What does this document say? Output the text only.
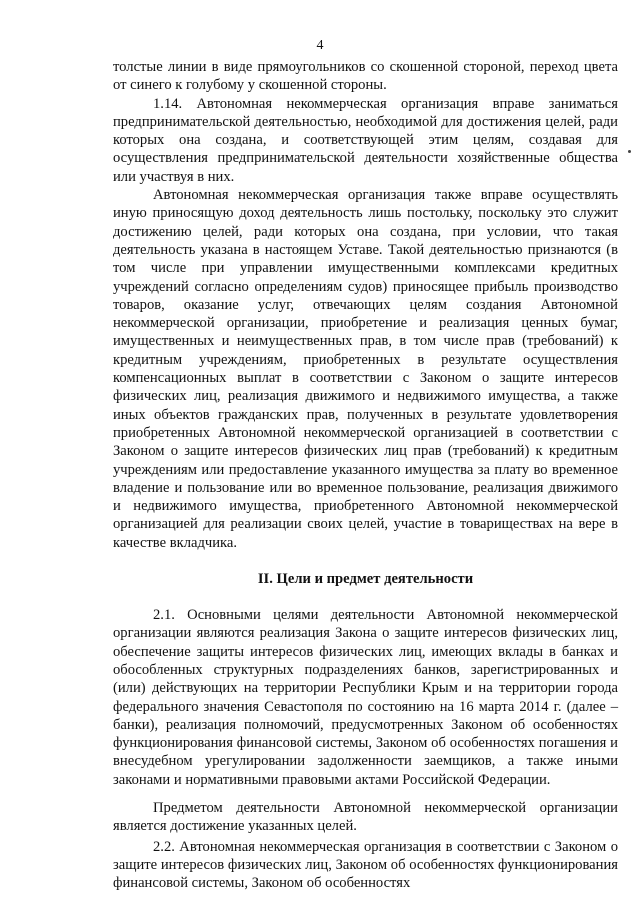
4

толстые линии в виде прямоугольников со скошенной стороной, переход цвета от синего к голубому у скошенной стороны.

1.14. Автономная некоммерческая организация вправе заниматься предпринимательской деятельностью, необходимой для достижения целей, ради которых она создана, и соответствующей этим целям, создавая для осуществления предпринимательской деятельности хозяйственные общества или участвуя в них.

Автономная некоммерческая организация также вправе осуществлять иную приносящую доход деятельность лишь постольку, поскольку это служит достижению целей, ради которых она создана, при условии, что такая деятельность указана в настоящем Уставе. Такой деятельностью признаются (в том числе при управлении имущественными комплексами кредитных учреждений согласно определениям судов) приносящее прибыль производство товаров, оказание услуг, отвечающих целям создания Автономной некоммерческой организации, приобретение и реализация ценных бумаг, имущественных и неимущественных прав, в том числе прав (требований) к кредитным учреждениям, приобретенных в результате осуществления компенсационных выплат в соответствии с Законом о защите интересов физических лиц, реализация движимого и недвижимого имущества, а также иных объектов гражданских прав, полученных в результате удовлетворения приобретенных Автономной некоммерческой организацией в соответствии с Законом о защите интересов физических лиц прав (требований) к кредитным учреждениям или предоставление указанного имущества за плату во временное владение и пользование или во временное пользование, реализация движимого и недвижимого имущества, приобретенного Автономной некоммерческой организацией для реализации своих целей, участие в товариществах на вере в качестве вкладчика.

II. Цели и предмет деятельности

2.1. Основными целями деятельности Автономной некоммерческой организации являются реализация Закона о защите интересов физических лиц, обеспечение защиты интересов физических лиц, имеющих вклады в банках и обособленных структурных подразделениях банков, зарегистрированных и (или) действующих на территории Республики Крым и на территории города федерального значения Севастополя по состоянию на 16 марта 2014 г. (далее – банки), реализация полномочий, предусмотренных Законом об особенностях функционирования финансовой системы, Законом об особенностях погашения и внесудебном урегулировании задолженности заемщиков, а также иными законами и нормативными правовыми актами Российской Федерации.

Предметом деятельности Автономной некоммерческой организации является достижение указанных целей.

2.2. Автономная некоммерческая организация в соответствии с Законом о защите интересов физических лиц, Законом об особенностях функционирования финансовой системы, Законом об особенностях
